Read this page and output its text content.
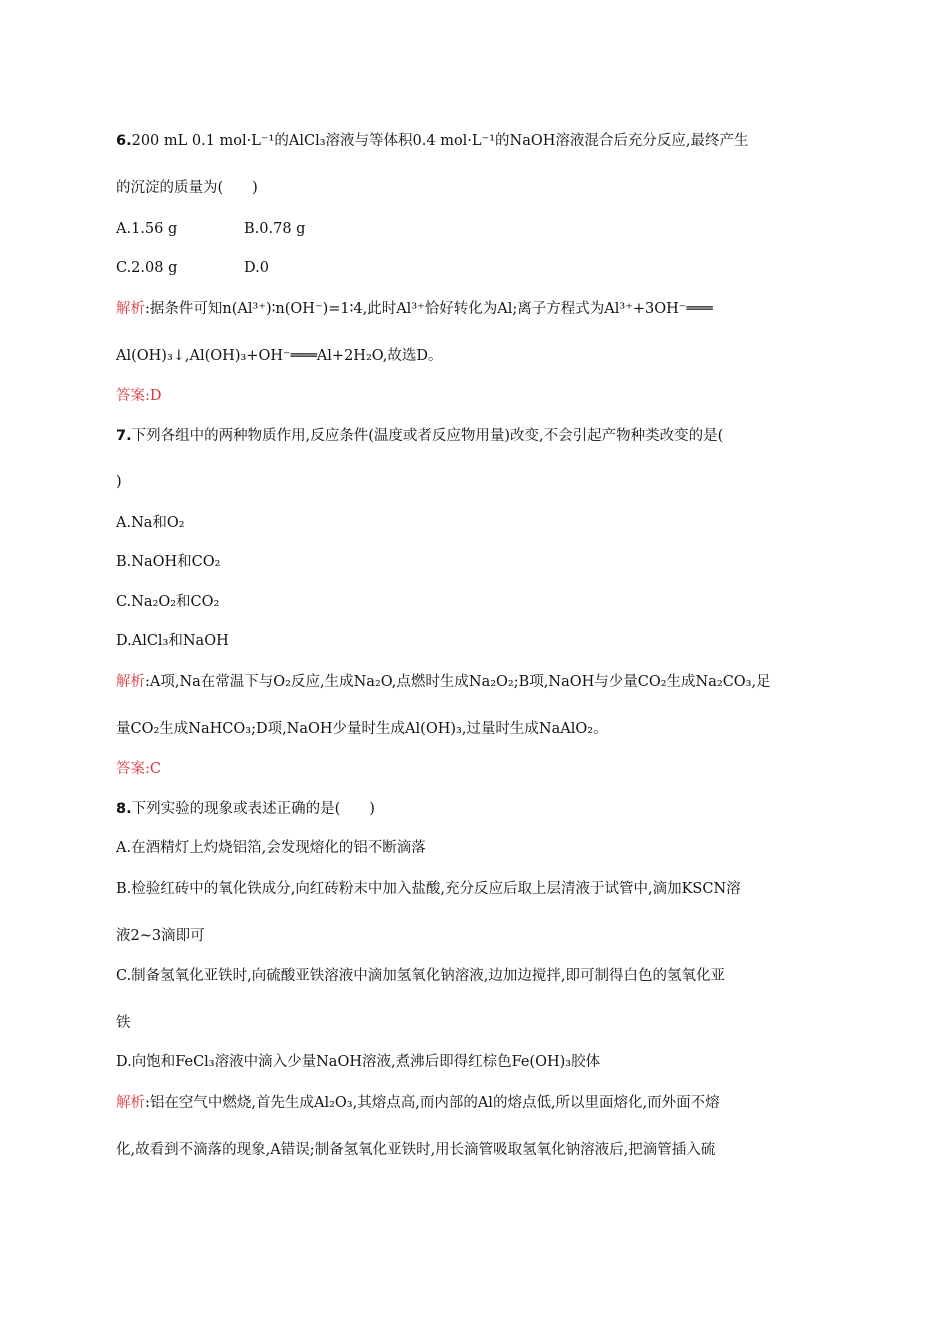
6.200 mL 0.1 mol·L⁻¹的AlCl₃溶液与等体积0.4 mol·L⁻¹的NaOH溶液混合后充分反应,最终产生
的沉淀的质量为(　　)
A.1.56 g	B.0.78 g
C.2.08 g	D.0
解析:据条件可知n(Al³⁺)∶n(OH⁻)=1∶4,此时Al³⁺恰好转化为Al;离子方程式为Al³⁺+3OH⁻═══
Al(OH)₃↓,Al(OH)₃+OH⁻═══Al+2H₂O,故选D。
答案:D
7.下列各组中的两种物质作用,反应条件(温度或者反应物用量)改变,不会引起产物种类改变的是(
)
A.Na和O₂
B.NaOH和CO₂
C.Na₂O₂和CO₂
D.AlCl₃和NaOH
解析:A项,Na在常温下与O₂反应,生成Na₂O,点燃时生成Na₂O₂;B项,NaOH与少量CO₂生成Na₂CO₃,足
量CO₂生成NaHCO₃;D项,NaOH少量时生成Al(OH)₃,过量时生成NaAlO₂。
答案:C
8.下列实验的现象或表述正确的是(　　)
A.在酒精灯上灼烧铝箔,会发现熔化的铝不断滴落
B.检验红砖中的氧化铁成分,向红砖粉末中加入盐酸,充分反应后取上层清液于试管中,滴加KSCN溶
液2~3滴即可
C.制备氢氧化亚铁时,向硫酸亚铁溶液中滴加氢氧化钠溶液,边加边搅拌,即可制得白色的氢氧化亚
铁
D.向饱和FeCl₃溶液中滴入少量NaOH溶液,煮沸后即得红棕色Fe(OH)₃胶体
解析:铝在空气中燃烧,首先生成Al₂O₃,其熔点高,而内部的Al的熔点低,所以里面熔化,而外面不熔
化,故看到不滴落的现象,A错误;制备氢氧化亚铁时,用长滴管吸取氢氧化钠溶液后,把滴管插入硫
